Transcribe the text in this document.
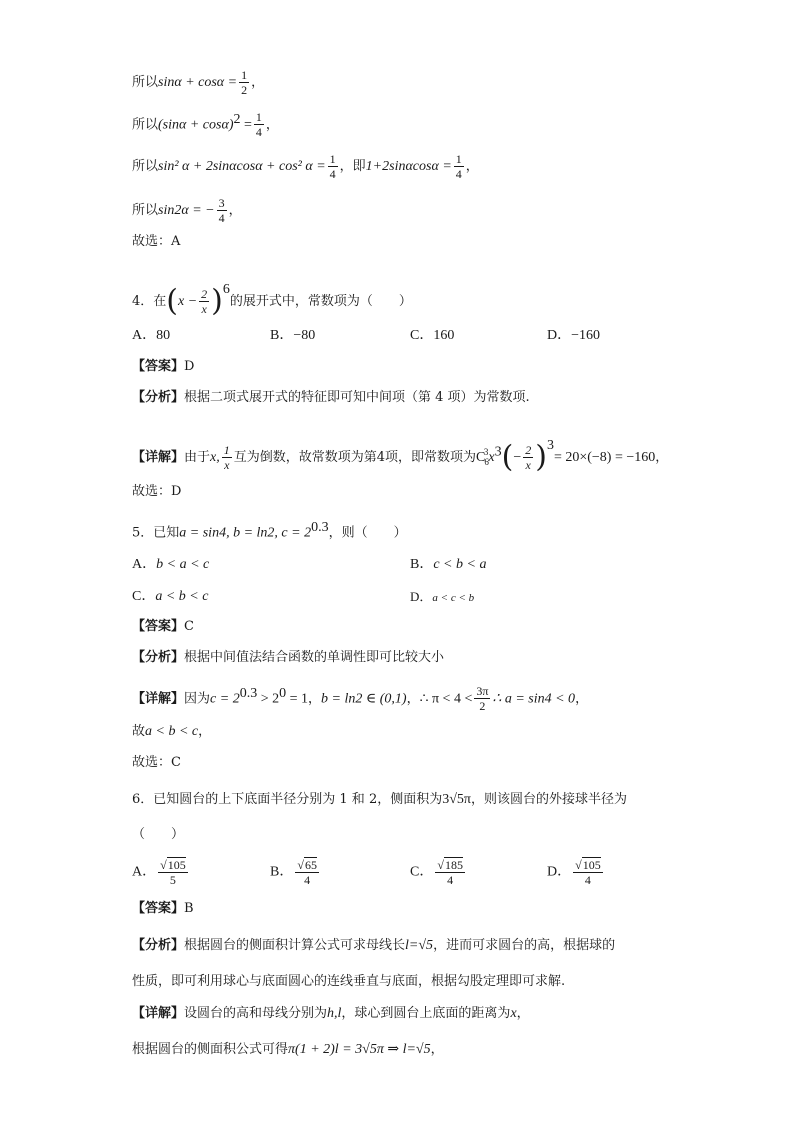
所以$\sin\alpha + \cos\alpha = \frac{1}{2}$ ，
所以$(\sin\alpha + \cos\alpha)^2 = \frac{1}{4}$ ，
所以sin² α + 2sinαcosα + cos² $\alpha = \frac{1}{4}$ ，即$1+2\sin\alpha\cos\alpha = \frac{1}{4}$ ，
所以sin2α = − $\frac{3}{4}$ ，
故选：A
4．在$(x - \frac{2}{x} )^6$的展开式中，常数项为（　　）
A．80	B．−80	C．160	D．−160
【答案】D
【分析】根据二项式展开式的特征即可知中间项（第 4 项）为常数项.
【详解】由于x, $\frac{1}{x}$ 互为倒数，故常数项为第4项，即常数项为$C_6^3x^3(- \frac{2}{x} )^3= 20\times(-8) = -160$，
故选：D
5．已知a = sin4, b = ln2, $c = 2^{0.3}$，则（　　）
A．b < a < c	B．c < b < a
C．a < b < c	D．a < c < b
【答案】C
【分析】根据中间值法结合函数的单调性即可比较大小
【详解】因为$c = 2^{0.3} > 2^0 = 1$，b = ln2 ∈ (0,1)，∴ $\pi < 4 < \frac{3\pi}{2}$ ∴ a = sin4 < 0，
故a < b < c，
故选：C
6．已知圆台的上下底面半径分别为 1 和 2，侧面积为3√5π，则该圆台的外接球半径为
（　　）
A． $\frac{√105}{5}$	B． $\frac{√65}{4}$	C． $\frac{√185}{4}$	D． $\frac{√105}{4}$
【答案】B
【分析】根据圆台的侧面积计算公式可求母线长l=√5，进而可求圆台的高，根据球的
性质，即可利用球心与底面圆心的连线垂直与底面，根据勾股定理即可求解.
【详解】设圆台的高和母线分别为h,l，球心到圆台上底面的距离为x，
根据圆台的侧面积公式可得π(1 + 2)l = 3√5π ⇒ l=√5，
